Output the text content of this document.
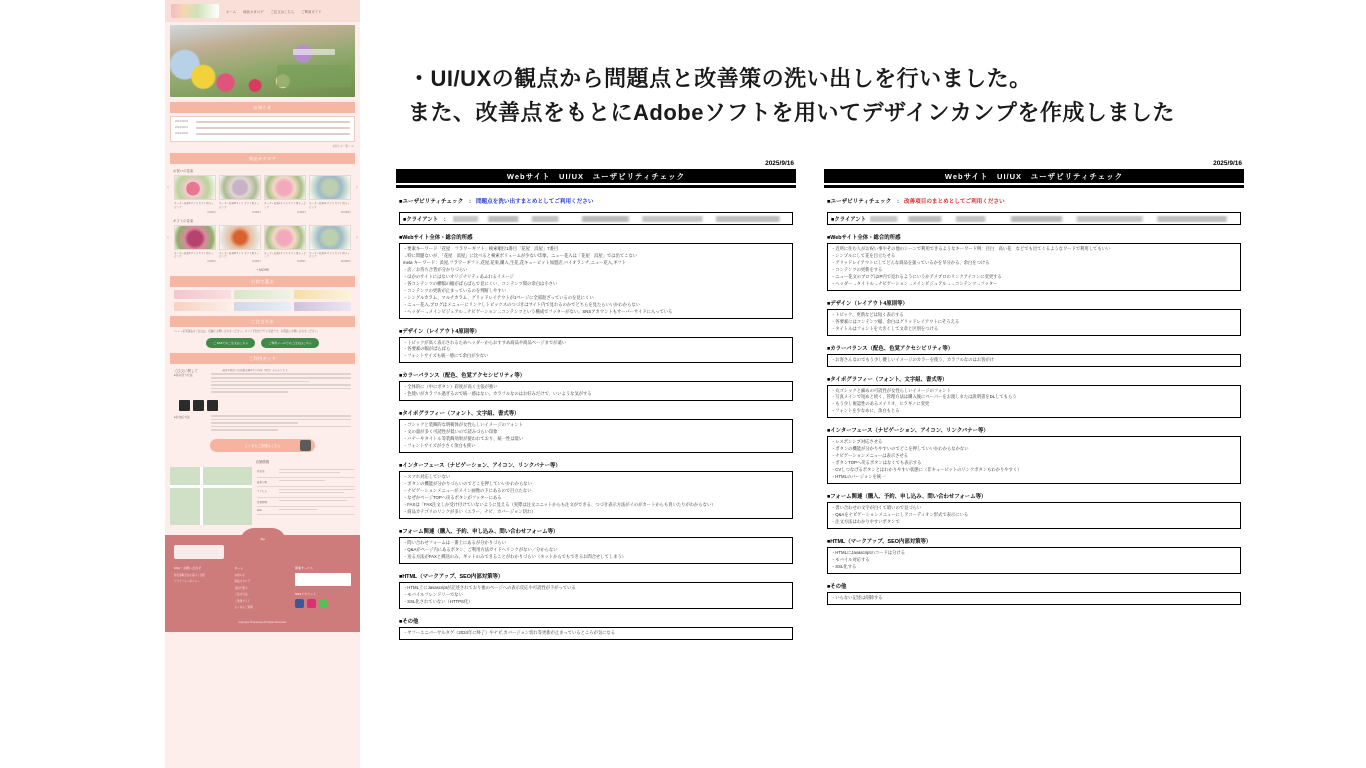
ホーム 商品カタログ ご注文はこちら ご利用ガイド
お知らせ
2024/10/04
2024/10/13
2024/10/30
お知らせ一覧へ ≫
商品カタログ
お祝いの花束
‹
オーダー花束Sサイズ ギフト用ラッピング
3,000円
オーダー花束Mサイズ ギフト用ラッピング
5,000円
オーダー花束Lサイズ ギフト用ラッピング
8,000円
オーダー花束LLサイズ ギフト用ラッピング
10,000円
›
ギフトの花束
‹
オーダー花束Sサイズ ギフト用ラッピング
3,000円
オーダー花束Mサイズ ギフト用ラッピング
5,000円
オーダー花束Lサイズ ギフト用ラッピング
8,000円
オーダー花束LLサイズ ギフト用ラッピング
10,000円
›
＋MORE
目的で選ぶ
ご注文方法
・ニュー花束商品のご注文は、店舗にお問い合わせください。ギフト予約だけでも可能です。お電話にお問い合わせください。
ご FAXでのご注文はこちら	ご専用メールでのご注文はこちら
ご利用ガイド
ご注文に関して	・最短や郵送のお花贈る順序等の内容（期日）がかかります。
●花の送り方法
●お支払方法
よくあるご質問はこちら
店舗情報
所在地
最寄り駅
アクセス
営業時間
Mail
Top
FAQ・お問い合わせ
特定商取引法に基づく表記
プライバシーポリシー
ホーム
お知らせ
商品カタログ
目的で選ぶ
ご注文方法
ご利用ガイド
よくあるご質問
関連サービス
SNSアカウント
Copyright ©hanamaya All Rights Reserved.
・UI/UXの観点から問題点と改善策の洗い出しを行いました。
また、改善点をもとにAdobeソフトを用いてデザインカンプを作成しました
2025/9/16
Webサイト　UI/UX　ユーザビリティチェック
■ユーザビリティチェック　： 問題点を洗い出すまとめとしてご利用ください
■クライアント　：
■Webサイト全体・総合的所感
・要素キーワード「花屋　フラワーギフト」検索順位1番目「花屋　浜屋」7番目
→特に問題ないが、「花屋　浜屋」に比べると検索ボリュームが少ない印象。ニュー花入は「花屋　浜屋」では出てこない
meta キーワード：浜屋,フラワーギフト,花屋,花束,購入,生花,花キューピット加盟店,バイオランチ,ニュー花入,ギフト
・店／お待ち合皆が分かりづらい
・ほかのサイトにはないオリジナリティあふれるイメージ
・各コンテンツの横幅の幅がばらばらで見にくい、コンテンツ間の余白は小さい
・コンテンツの更新が止まっているのを判断しやすい
・シングルカラム、マルチカラム、グリッドレイアウトが1ページに全部混ざっているのを見にくい
・ニュー花入,ブログはメニューにリンクしトピックスのつづきはサイト内で見れるのかでどちらを見たらいいかわからない
・ヘッダー→メインビジュアル→ナビゲーション→コンテンツという構成でフッターがない。SNSアカウントもサーバーサイドに入っている
■デザイン（レイアウト4原則等）
・トピックが高く表示されるためヘッダーからおすすめ商品や商品ページまでが遠い
・各要素の幅がばらばら
・フォントサイズも統一感にて余白が少ない
■カラーバランス（配色、色覚アクセシビリティ等）
・全体的に（中にボタン）彩度が高く主張が強い
・色使いがカラフル過ぎるので統一感はない。カラフルなのはお好みだけで、いいような気がする
■タイポグラフィー（フォント、文字組、書式等）
・ゴシックと装飾的な明朝体が女性らしいイメージのフォント
・文の量が多く可読性が低いので読みづらい印象
・バナーやタイトル等装飾効果が使われており、統一性は低い
・フォントサイズが小さく余白も狭い
■インターフェース（ナビゲーション、アイコン、リンクバナー等）
・スマホ対応していない
・ボタンの機能が分かりづらいのでどこを押していいかわからない
・ナビゲーションメニューがメイン画像の下にあるので目立たない
・なぜかページTOPへ戻るボタンがフッターにある
・FAXは「FAX注文しか受け付けていないように見える（実際は注文ユニットからも注文ができる、つづき表示方法がイのがカートからも買いたりがわからない）
・商品カテゴリのリンクが多い（エラー、ナビ、カバージョン切れ）
■フォーム関連（購入、予約、申し込み、問い合わせフォーム等）
・問い合わせフォームは一番上にあるが分かりづらい
・Q&Aがページ内にあるボタン、ご利用方法ガイドへリンクがない／分からない
・送る方法がFAXと郵送のみ。ギットのみできることがわかりづらい（ネットからでもできるお問合せしてしまう）
■HTML（マークアップ、SEO内部対策等）
・HTML上にJavascriptが記述されており他のページへの表示反応や可読性が下がっている
・モバイルフレンドリーでない
・SSL化されていない（HTTPS化）
■その他
・ヤフーユニバーサルタグ（2024年に終了）やナビ,カバージョン切れ等更新が止まっているところが気になる
2025/9/16
Webサイト　UI/UX　ユーザビリティチェック
■ユーザビリティチェック　： 改善項目のまとめとしてご利用ください
■クライアント
■Webサイト全体・総合的所感
・近所に住む人がお祝い事やその他のシーンで利用できるようなキーワード例：目白　高い花　などでも出てくるようなワードで利用してもいい
・シンプルにして花を目立たせる
・グリッドレイアウトにしてどんな商品を扱っているかを早分かる、余白をつける
・コンテンツの更新をする
・ニュー花文のブログはIP内で見れるようにいうかアメブロのリンクアイコンに変更する
・ヘッダー→タイトル→ナビゲーション→メインビジュアル→→コンテンツ→フッター
■デザイン（レイアウト4原則等）
・トピック、更新などは短く表示する
・各要素にはコンテンツ幅、余白はグリッドレイアウトにそろえる
・タイトルはフォントを大きくして文章と区別をつける
■カラーバランス（配色、色覚アクセシビリティ等）
・お客さんなのでもう少し優しいイメージのカラーを使う、カラフルなのはお客がけ
■タイポグラフィー（フォント、文字組、書式等）
・丸ゴシックと細めの可読性が女性らしいイメージのフォント
・写真メインで短めと続く、管理方法は購入後にペーパーをお渡しまたは説明書をDLしてもらう
・もう少し視認性のあるメイリオ、ヒラギノに変更
・フォントを少なめに、余白もとる
■インターフェース（ナビゲーション、アイコン、リンクバナー等）
・レスポンシブ対応させる
・ボタンの機能が分かりやすいのでどこを押していいかわからなかない
・ナビゲーションメニューは表示させる
・ボタンTOPへ戻るボタンはなくても表示する
・CVしつなげるボタンとはわかりやすい状態に（非キューピットのリンクボタンもわかりやすく）
・HTMLのバージョンを統一
■フォーム関連（購入、予約、申し込み、問い合わせフォーム等）
・習い合わせの文字が白くて暗いので見づらい
・Q&Aをナビゲーションメニューにしアコーディオン形式で表示にいる
・注文方法はわかりやすいボタンで
■HTML（マークアップ、SEO内部対策等）
・HTMLにJavascriptのコードは分ける
・モバイル対応する
・SSL化する
■その他
・いらない記述は削除する
